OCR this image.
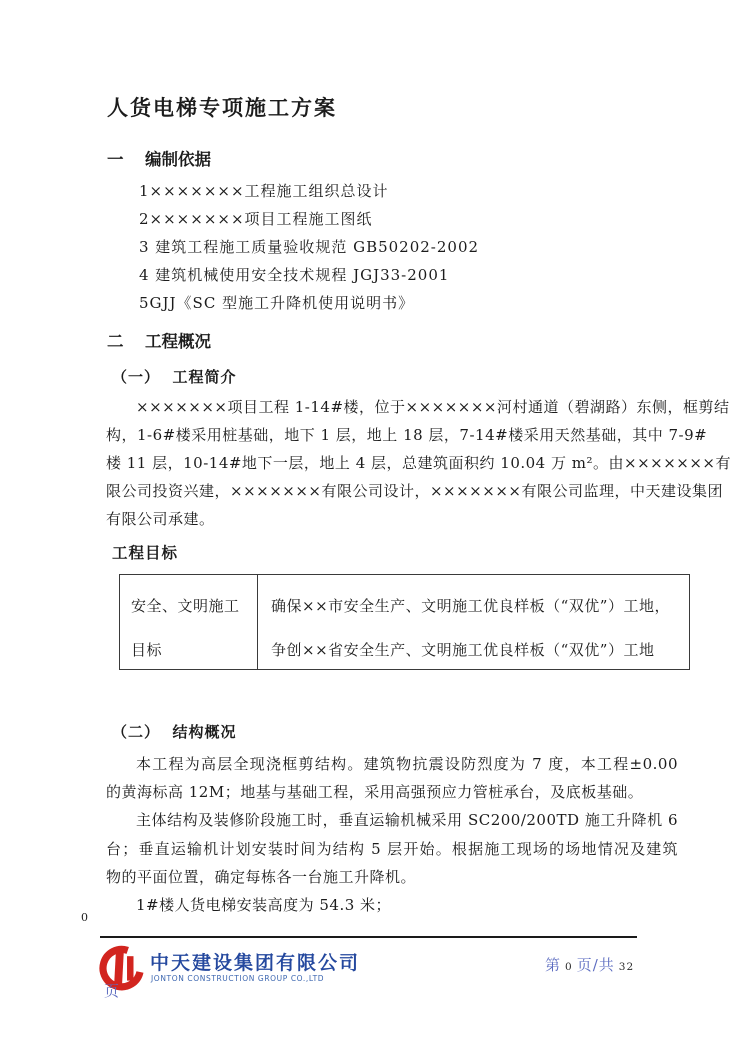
人货电梯专项施工方案
一	编制依据
1×××××××工程施工组织总设计
2×××××××项目工程施工图纸
3 建筑工程施工质量验收规范 GB50202-2002
4 建筑机械使用安全技术规程 JGJ33-2001
5GJJ《SC 型施工升降机使用说明书》
二	工程概况
（一） 工程简介
×××××××项目工程 1-14#楼，位于×××××××河村通道（碧湖路）东侧，框剪结
构，1-6#楼采用桩基础，地下 1 层，地上 18 层，7-14#楼采用天然基础，其中 7-9#
楼 11 层，10-14#地下一层，地上 4 层，总建筑面积约 10.04 万 m²。由×××××××有
限公司投资兴建，×××××××有限公司设计，×××××××有限公司监理，中天建设集团
有限公司承建。
工程目标
安全、文明施工
目标
确保××市安全生产、文明施工优良样板（“双优”）工地，
争创××省安全生产、文明施工优良样板（“双优”）工地
（二） 结构概况
本工程为高层全现浇框剪结构。建筑物抗震设防烈度为 7 度，本工程±0.00
的黄海标高 12M；地基与基础工程，采用高强预应力管桩承台，及底板基础。
主体结构及装修阶段施工时，垂直运输机械采用 SC200/200TD 施工升降机 6
台；垂直运输机计划安装时间为结构 5 层开始。根据施工现场的场地情况及建筑
物的平面位置，确定每栋各一台施工升降机。
1#楼人货电梯安装高度为 54.3 米；
0
中天建设集团有限公司
JONTON CONSTRUCTION GROUP CO.,LTD
第 0 页/共 32
页
